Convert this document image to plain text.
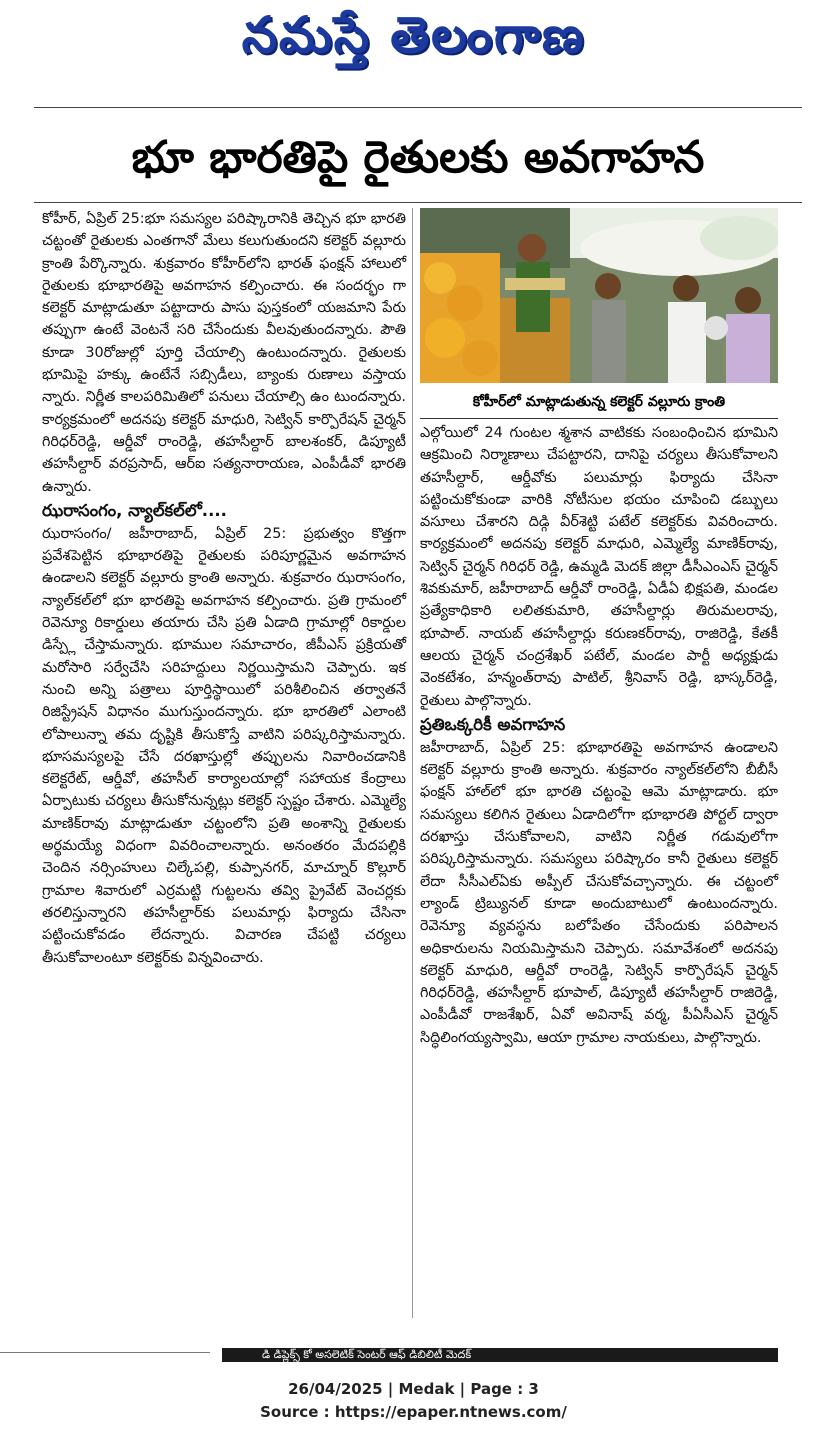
నమస్తే తెలంగాణ
భూ భారతిపై రైతులకు అవగాహన

కోహీర్, ఏప్రిల్ 25:భూ సమస్యల పరిష్కారానికి తెచ్చిన భూ భారతి చట్టంతో రైతులకు ఎంతగానో మేలు కలుగుతుందని కలెక్టర్ వల్లూరు క్రాంతి పేర్కొన్నారు. శుక్రవారం కోహీర్‌లోని భారత్ ఫంక్షన్ హాలులో రైతులకు భూభారతిపై అవగాహన కల్పించారు. ఈ సందర్భం గా కలెక్టర్ మాట్లాడుతూ పట్టాదారు పాసు పుస్తకంలో యజమాని పేరు తప్పుగా ఉంటే వెంటనే సరి చేసేందుకు వీలవుతుందన్నారు. పౌతి కూడా 30రోజుల్లో పూర్తి చేయాల్సి ఉంటుందన్నారు. రైతులకు భూమిపై హక్కు ఉంటేనే సబ్సిడీలు, బ్యాంకు రుణాలు వస్తాయ న్నారు. నిర్ణీత కాలపరిమితిలో పనులు చేయాల్సి ఉం టుందన్నారు. కార్యక్రమంలో అదనపు కలెక్టర్ మాధురి, సెట్విన్ కార్పొరేషన్ చైర్మన్ గిరిధర్‌రెడ్డి, ఆర్డీవో రాంరెడ్డి, తహసీల్దార్ బాలశంకర్, డిప్యూటీ తహసీల్దార్ వరప్రసాద్, ఆర్ఐ సత్యనారాయణ, ఎంపీడీవో భారతి ఉన్నారు.

ఝరాసంగం, న్యాల్‌కల్‌లో....

ఝరాసంగం/ జహీరాబాద్, ఏప్రిల్ 25: ప్రభుత్వం కొత్తగా ప్రవేశపెట్టిన భూభారతిపై రైతులకు పరిపూర్ణమైన అవగాహన ఉండాలని కలెక్టర్ వల్లూరు క్రాంతి అన్నారు. శుక్రవారం ఝరాసంగం, న్యాల్‌కల్‌లో భూ భారతిపై అవగాహన కల్పించారు. ప్రతి గ్రామంలో రెవెన్యూ రికార్డులు తయారు చేసి ప్రతి ఏడాది గ్రామాల్లో రికార్డుల డిస్ప్లే చేస్తామన్నారు. భూముల సమాచారం, జీపీఎస్ ప్రక్రియతో మరోసారి సర్వేచేసి సరిహద్దులు నిర్ణయిస్తామని చెప్పారు. ఇక నుంచి అన్ని పత్రాలు పూర్తిస్థాయిలో పరిశీలించిన తర్వాతనే రిజిస్ట్రేషన్ విధానం ముగుస్తుందన్నారు. భూ భారతిలో ఎలాంటి లోపాలున్నా తమ దృష్టికి తీసుకొస్తే వాటిని పరిష్కరిస్తామన్నారు. భూసమస్యలపై చేసే దరఖాస్తుల్లో తప్పులను నివారించడానికి కలెక్టరేట్, ఆర్డీవో, తహసీల్ కార్యాలయాల్లో సహాయక కేంద్రాలు ఏర్పాటుకు చర్యలు తీసుకోనున్నట్లు కలెక్టర్ స్పష్టం చేశారు. ఎమ్మెల్యే మాణిక్‌రావు మాట్లాడుతూ చట్టంలోని ప్రతి అంశాన్ని రైతులకు అర్థమయ్యే విధంగా వివరించాలన్నారు. అనంతరం మేదపల్లికి చెందిన నర్సింహులు చిల్కేపల్లి, కుప్పానగర్, మాచ్నూర్ కొల్లూర్ గ్రామాల శివారులో ఎర్రమట్టి గుట్టలను తవ్వి ప్రైవేట్ వెంచర్లకు తరలిస్తున్నారని తహసీల్దార్‌కు పలుమార్లు ఫిర్యాదు చేసినా పట్టించుకోవడం లేదన్నారు. విచారణ చేపట్టి చర్యలు తీసుకోవాలంటూ కలెక్టర్‌కు విన్నవించారు.

కోహీర్‌లో మాట్లాడుతున్న కలెక్టర్ వల్లూరు క్రాంతి

ఎల్గోయిలో 24 గుంటల శ్మశాన వాటికకు సంబంధించిన భూమిని ఆక్రమించి నిర్మాణాలు చేపట్టారని, దానిపై చర్యలు తీసుకోవాలని తహసీల్దార్, ఆర్డీవోకు పలుమార్లు ఫిర్యాదు చేసినా పట్టించుకోకుండా వారికి నోటీసుల భయం చూపించి డబ్బులు వసూలు చేశారని దిడ్గి వీర్‌శెట్టి పటేల్ కలెక్టర్‌కు వివరించారు. కార్యక్రమంలో అదనపు కలెక్టర్ మాధురి, ఎమ్మెల్యే మాణిక్‌రావు, సెట్విన్ చైర్మన్ గిరిధర్ రెడ్డి, ఉమ్మడి మెదక్ జిల్లా డీసీఎంఎస్ చైర్మన్ శివకుమార్, జహీరాబాద్ ఆర్డీవో రాంరెడ్డి, ఏడీఏ భిక్షపతి, మండల ప్రత్యేకాధికారి లలితకుమారి, తహసీల్దార్లు తిరుమలరావు, భూపాల్. నాయబ్ తహసీల్దార్లు కరుణకర్‌రావు, రాజిరెడ్డి, కేతకీ ఆలయ చైర్మన్ చంద్రశేఖర్ పటేల్, మండల పార్టీ అధ్యక్షుడు వెంకటేశం, హన్మంత్‌రావు పాటిల్, శ్రీనివాస్ రెడ్డి, భాస్కర్‌రెడ్డి, రైతులు పాల్గొన్నారు.

ప్రతిఒక్కరికీ అవగాహన

జహీరాబాద్, ఏప్రిల్ 25: భూభారతిపై అవగాహన ఉండాలని కలెక్టర్ వల్లూరు క్రాంతి అన్నారు. శుక్రవారం న్యాల్‌కల్‌లోని బీబీసీ ఫంక్షన్ హాల్‌లో భూ భారతి చట్టంపై ఆమె మాట్లాడారు. భూ సమస్యలు కలిగిన రైతులు ఏడాదిలోగా భూభారతి పోర్టల్ ద్వారా దరఖాస్తు చేసుకోవాలని, వాటిని నిర్ణీత గడువులోగా పరిష్కరిస్తామన్నారు. సమస్యలు పరిష్కారం కానీ రైతులు కలెక్టర్ లేదా సీసీఎల్‌ఏకు అప్పీల్ చేసుకోవచ్చాన్నారు. ఈ చట్టంలో ల్యాండ్ ట్రిబ్యునల్ కూడా అందుబాటులో ఉంటుందన్నారు. రెవెన్యూ వ్యవస్థను బలోపేతం చేసేందుకు పరిపాలన అధికారులను నియమిస్తామని చెప్పారు. సమావేశంలో అదనపు కలెక్టర్ మాధురి, ఆర్డీవో రాంరెడ్డి, సెట్విన్ కార్పొరేషన్ చైర్మన్ గిరిధర్‌రెడ్డి, తహసీల్దార్ భూపాల్, డిప్యూటీ తహసీల్దార్ రాజిరెడ్డి, ఎంపీడీవో రాజశేఖర్, ఏవో అవినాష్ వర్మ, పీఏసీఎస్ చైర్మన్ సిద్ధిలింగయ్యస్వామి, ఆయా గ్రామాల నాయకులు, పాల్గొన్నారు.

డి డిప్లెక్స్ కో అసలెటిక్ సెంటర్ ఆఫ్ డిబిలిటీ మెదక్
26/04/2025 | Medak | Page : 3
Source : https://epaper.ntnews.com/
